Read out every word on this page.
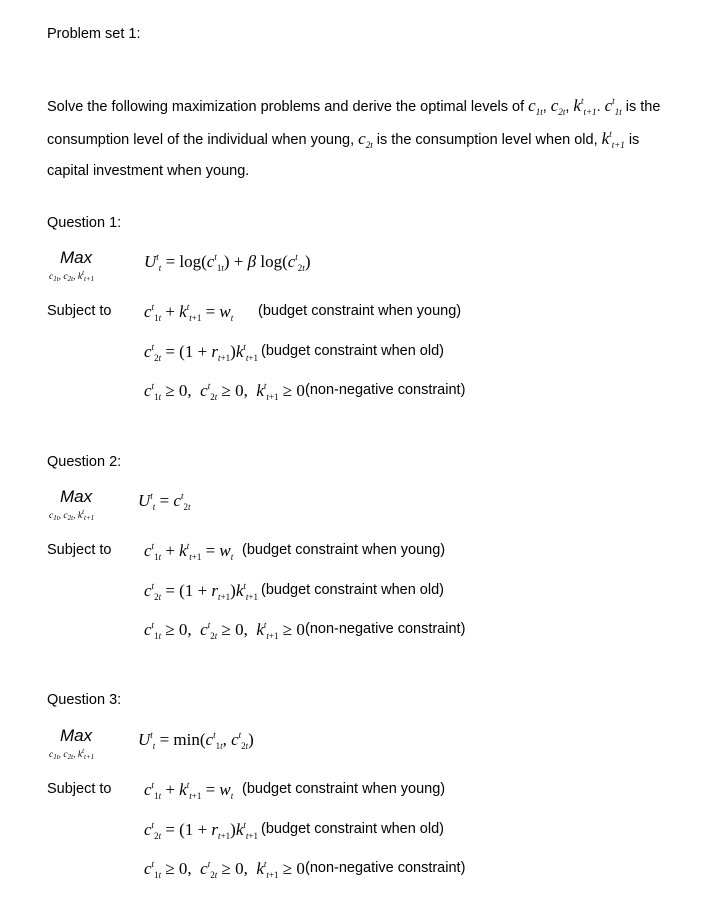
Problem set 1:
Solve the following maximization problems and derive the optimal levels of $c_{1t}$, $c_{2t}$, $k^t_{t+1}$. $c^t_{1t}$ is the
consumption level of the individual when young, $c_{2t}$ is the consumption level when old, $k^t_{t+1}$ is
capital investment when young.
Question 1:
Max
$c_{1t}$, $c_{2t}$, $k^t_{t+1}$
$U^t_t = \log(c^t_{1t}) + \beta$ $\log(c^t_{2t})$
Subject to $c^t_{1t} + k^t_{t+1} = w_t$ (budget constraint when young)
$c^t_{2t} = (1 + r_{t+1})k^t_{t+1}$ (budget constraint when old)
$c^t_{1t} \ge 0$,  $c^t_{2t} \ge 0$,  $k^t_{t+1} \ge 0$ (non-negative constraint)
Question 2:
Max
$c_{1t}$, $c_{2t}$, $k^t_{t+1}$
$U^t_t = c^t_{2t}$
Subject to $c^t_{1t} + k^t_{t+1} = w_t$ (budget constraint when young)
$c^t_{2t} = (1 + r_{t+1})k^t_{t+1}$ (budget constraint when old)
$c^t_{1t} \ge 0$,  $c^t_{2t} \ge 0$,  $k^t_{t+1} \ge 0$ (non-negative constraint)
Question 3:
Max
$c_{1t}$, $c_{2t}$, $k^t_{t+1}$
$U^t_t = \min(c^t_{1t}$, $c^t_{2t}$)
Subject to $c^t_{1t} + k^t_{t+1} = w_t$ (budget constraint when young)
$c^t_{2t} = (1 + r_{t+1})k^t_{t+1}$ (budget constraint when old)
$c^t_{1t} \ge 0$,  $c^t_{2t} \ge 0$,  $k^t_{t+1} \ge 0$ (non-negative constraint)
